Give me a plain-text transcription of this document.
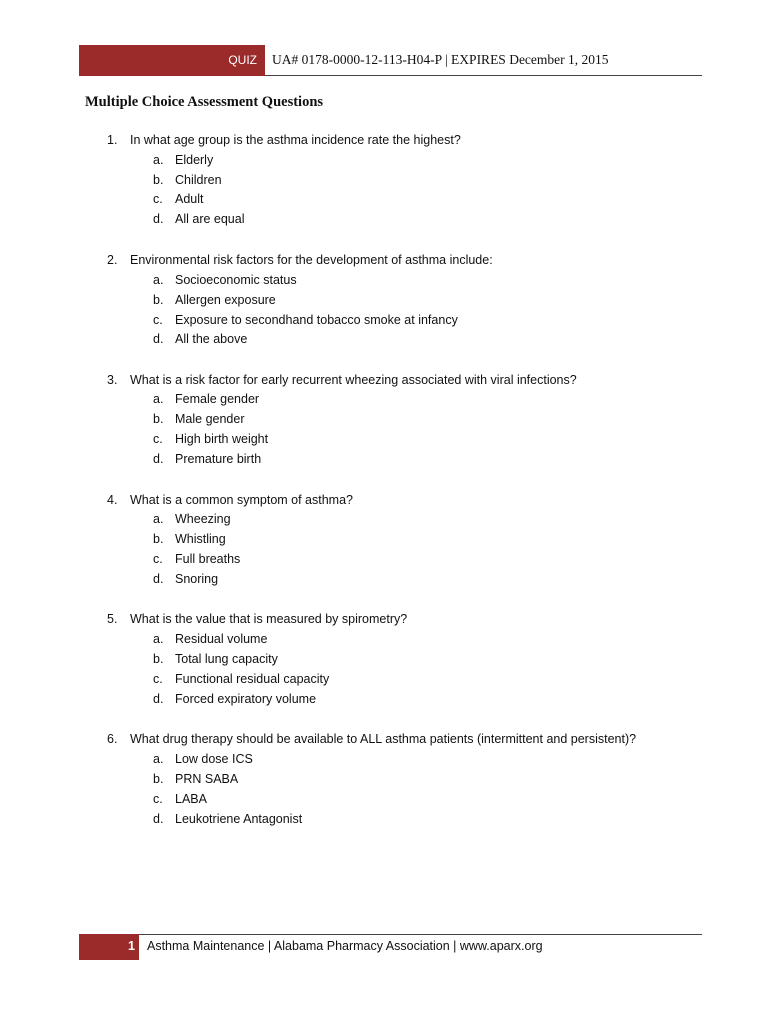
QUIZ UA# 0178-0000-12-113-H04-P | EXPIRES December 1, 2015
Multiple Choice Assessment Questions
1. In what age group is the asthma incidence rate the highest?
a. Elderly
b. Children
c. Adult
d. All are equal
2. Environmental risk factors for the development of asthma include:
a. Socioeconomic status
b. Allergen exposure
c. Exposure to secondhand tobacco smoke at infancy
d. All the above
3. What is a risk factor for early recurrent wheezing associated with viral infections?
a. Female gender
b. Male gender
c. High birth weight
d. Premature birth
4. What is a common symptom of asthma?
a. Wheezing
b. Whistling
c. Full breaths
d. Snoring
5. What is the value that is measured by spirometry?
a. Residual volume
b. Total lung capacity
c. Functional residual capacity
d. Forced expiratory volume
6. What drug therapy should be available to ALL asthma patients (intermittent and persistent)?
a. Low dose ICS
b. PRN SABA
c. LABA
d. Leukotriene Antagonist
1 Asthma Maintenance | Alabama Pharmacy Association | www.aparx.org
